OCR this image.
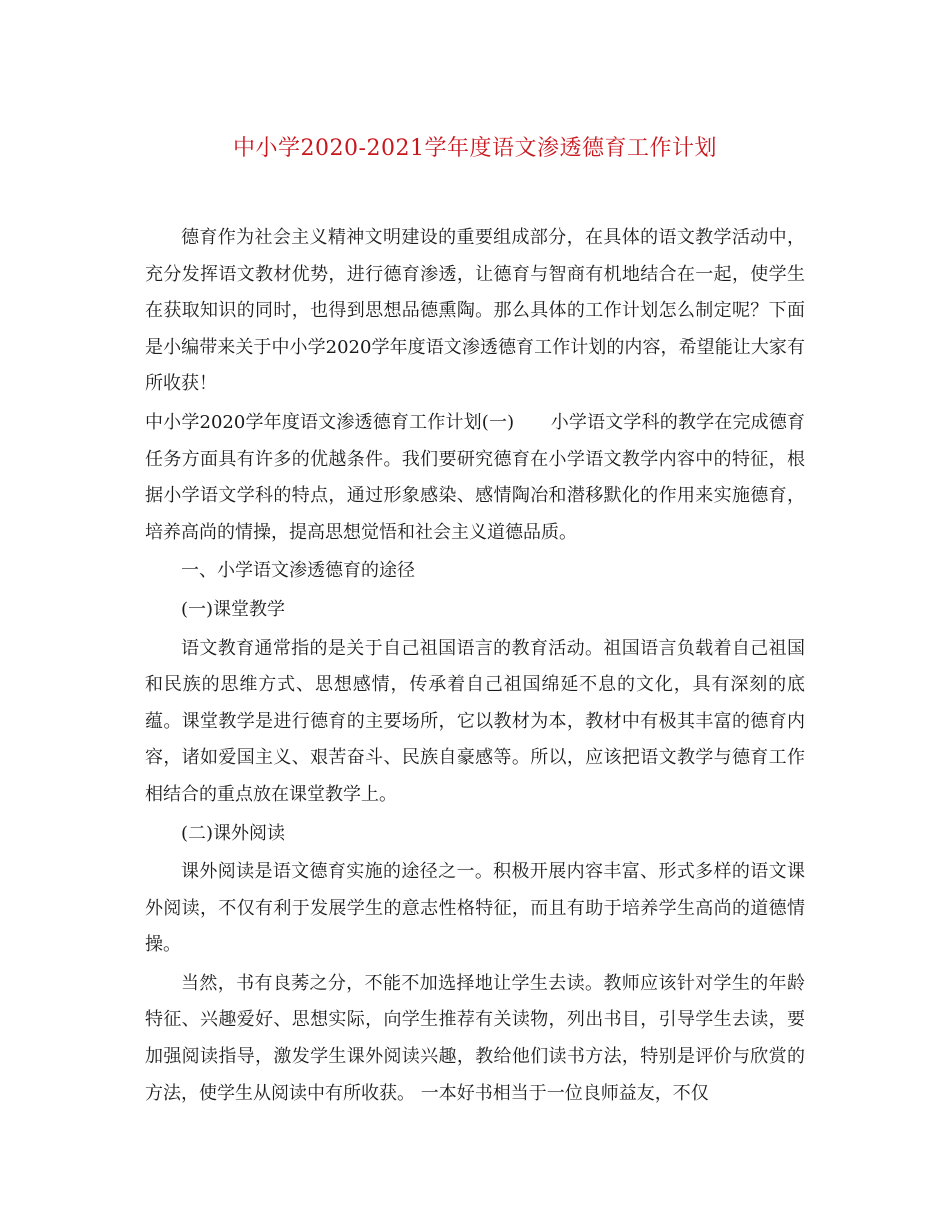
中小学2020-2021学年度语文渗透德育工作计划

德育作为社会主义精神文明建设的重要组成部分，在具体的语文教学活动中，充分发挥语文教材优势，进行德育渗透，让德育与智商有机地结合在一起，使学生在获取知识的同时，也得到思想品德熏陶。那么具体的工作计划怎么制定呢？下面是小编带来关于中小学2020学年度语文渗透德育工作计划的内容，希望能让大家有所收获！

中小学2020学年度语文渗透德育工作计划(一)　　小学语文学科的教学在完成德育任务方面具有许多的优越条件。我们要研究德育在小学语文教学内容中的特征，根据小学语文学科的特点，通过形象感染、感情陶冶和潜移默化的作用来实施德育，培养高尚的情操，提高思想觉悟和社会主义道德品质。

一、小学语文渗透德育的途径

(一)课堂教学

语文教育通常指的是关于自己祖国语言的教育活动。祖国语言负载着自己祖国和民族的思维方式、思想感情，传承着自己祖国绵延不息的文化，具有深刻的底蕴。课堂教学是进行德育的主要场所，它以教材为本，教材中有极其丰富的德育内容，诸如爱国主义、艰苦奋斗、民族自豪感等。所以，应该把语文教学与德育工作相结合的重点放在课堂教学上。

(二)课外阅读

课外阅读是语文德育实施的途径之一。积极开展内容丰富、形式多样的语文课外阅读，不仅有利于发展学生的意志性格特征，而且有助于培养学生高尚的道德情操。

当然，书有良莠之分，不能不加选择地让学生去读。教师应该针对学生的年龄特征、兴趣爱好、思想实际，向学生推荐有关读物，列出书目，引导学生去读，要加强阅读指导，激发学生课外阅读兴趣，教给他们读书方法，特别是评价与欣赏的方法，使学生从阅读中有所收获。 一本好书相当于一位良师益友，不仅
